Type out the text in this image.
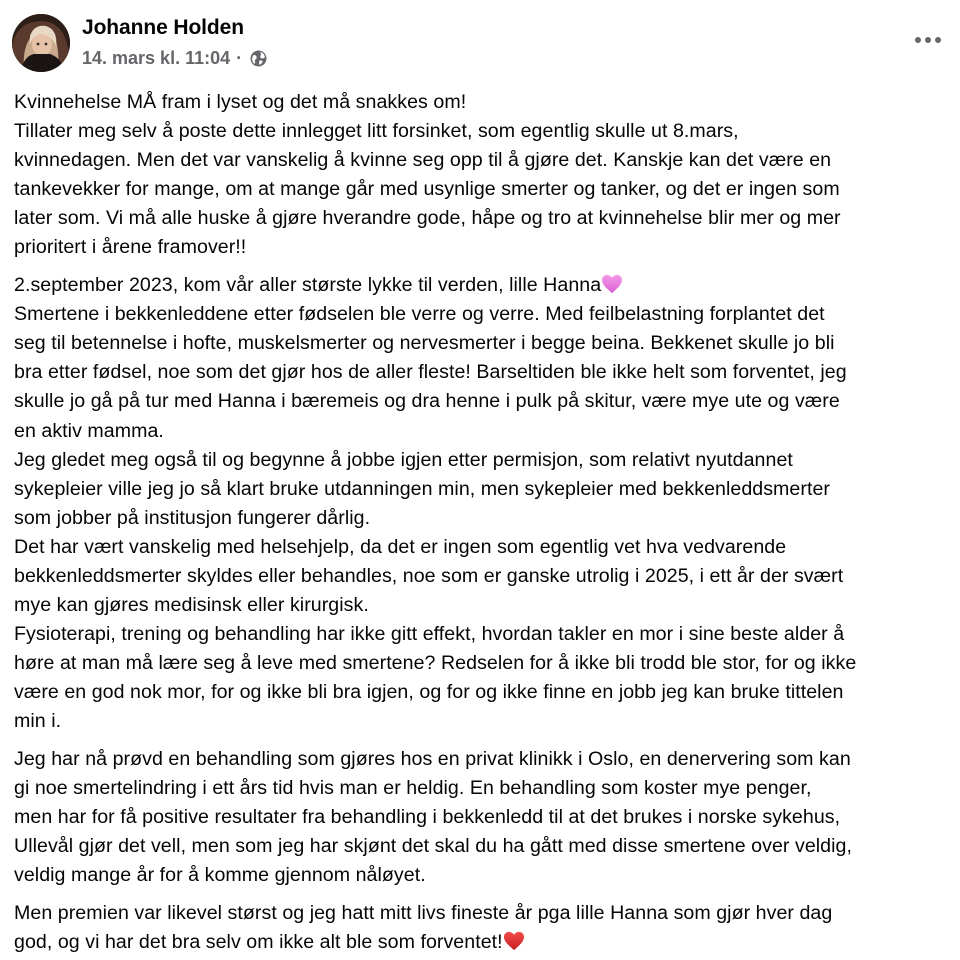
Johanne Holden
14. mars kl. 11:04 ·

Kvinnehelse MÅ fram i lyset og det må snakkes om!
Tillater meg selv å poste dette innlegget litt forsinket, som egentlig skulle ut 8.mars,
kvinnedagen. Men det var vanskelig å kvinne seg opp til å gjøre det. Kanskje kan det være en
tankevekker for mange, om at mange går med usynlige smerter og tanker, og det er ingen som
later som. Vi må alle huske å gjøre hverandre gode, håpe og tro at kvinnehelse blir mer og mer
prioritert i årene framover!!

2.september 2023, kom vår aller største lykke til verden, lille Hanna
Smertene i bekkenleddene etter fødselen ble verre og verre. Med feilbelastning forplantet det
seg til betennelse i hofte, muskelsmerter og nervesmerter i begge beina. Bekkenet skulle jo bli
bra etter fødsel, noe som det gjør hos de aller fleste! Barseltiden ble ikke helt som forventet, jeg
skulle jo gå på tur med Hanna i bæremeis og dra henne i pulk på skitur, være mye ute og være
en aktiv mamma.
Jeg gledet meg også til og begynne å jobbe igjen etter permisjon, som relativt nyutdannet
sykepleier ville jeg jo så klart bruke utdanningen min, men sykepleier med bekkenleddsmerter
som jobber på institusjon fungerer dårlig.
Det har vært vanskelig med helsehjelp, da det er ingen som egentlig vet hva vedvarende
bekkenleddsmerter skyldes eller behandles, noe som er ganske utrolig i 2025, i ett år der svært
mye kan gjøres medisinsk eller kirurgisk.
Fysioterapi, trening og behandling har ikke gitt effekt, hvordan takler en mor i sine beste alder å
høre at man må lære seg å leve med smertene? Redselen for å ikke bli trodd ble stor, for og ikke
være en god nok mor, for og ikke bli bra igjen, og for og ikke finne en jobb jeg kan bruke tittelen
min i.

Jeg har nå prøvd en behandling som gjøres hos en privat klinikk i Oslo, en denervering som kan
gi noe smertelindring i ett års tid hvis man er heldig. En behandling som koster mye penger,
men har for få positive resultater fra behandling i bekkenledd til at det brukes i norske sykehus,
Ullevål gjør det vell, men som jeg har skjønt det skal du ha gått med disse smertene over veldig,
veldig mange år for å komme gjennom nåløyet.

Men premien var likevel størst og jeg hatt mitt livs fineste år pga lille Hanna som gjør hver dag
god, og vi har det bra selv om ikke alt ble som forventet!
